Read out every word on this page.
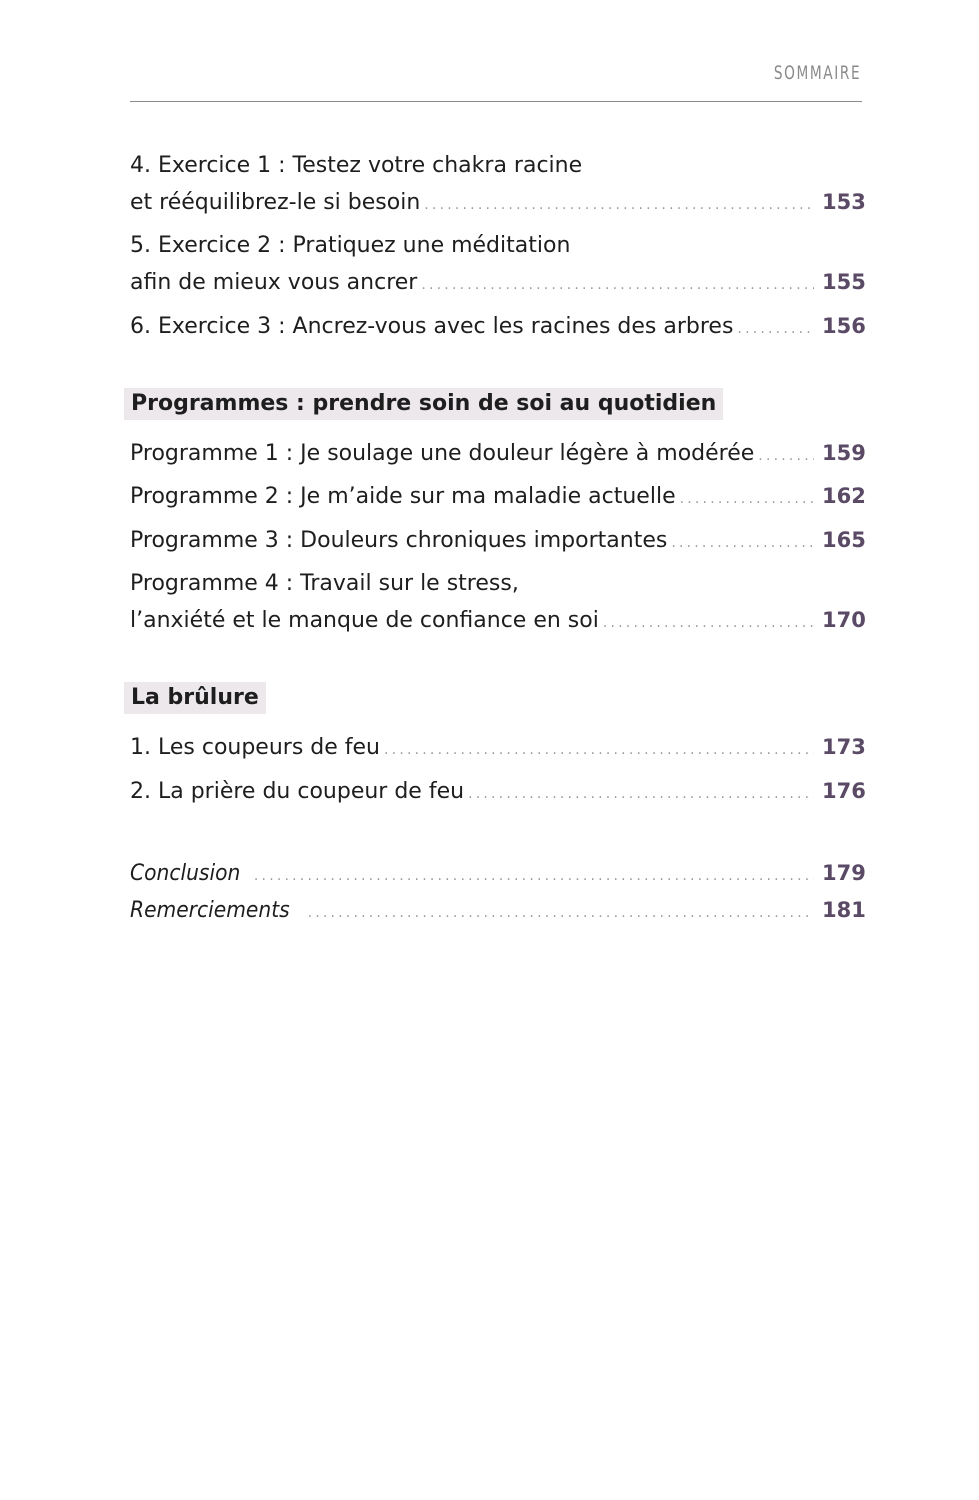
SOMMAIRE
4. Exercice 1 : Testez votre chakra racine
et rééquilibrez-le si besoin .....	153
5. Exercice 2 : Pratiquez une méditation
afin de mieux vous ancrer .....	155
6. Exercice 3 : Ancrez-vous avec les racines des arbres .....	156
Programmes : prendre soin de soi au quotidien
Programme 1 : Je soulage une douleur légère à modérée .....	159
Programme 2 : Je m’aide sur ma maladie actuelle .....	162
Programme 3 : Douleurs chroniques importantes .....	165
Programme 4 : Travail sur le stress,
l’anxiété et le manque de confiance en soi .....	170
La brûlure
1. Les coupeurs de feu .....	173
2. La prière du coupeur de feu .....	176
Conclusion .....	179
Remerciements .....	181
